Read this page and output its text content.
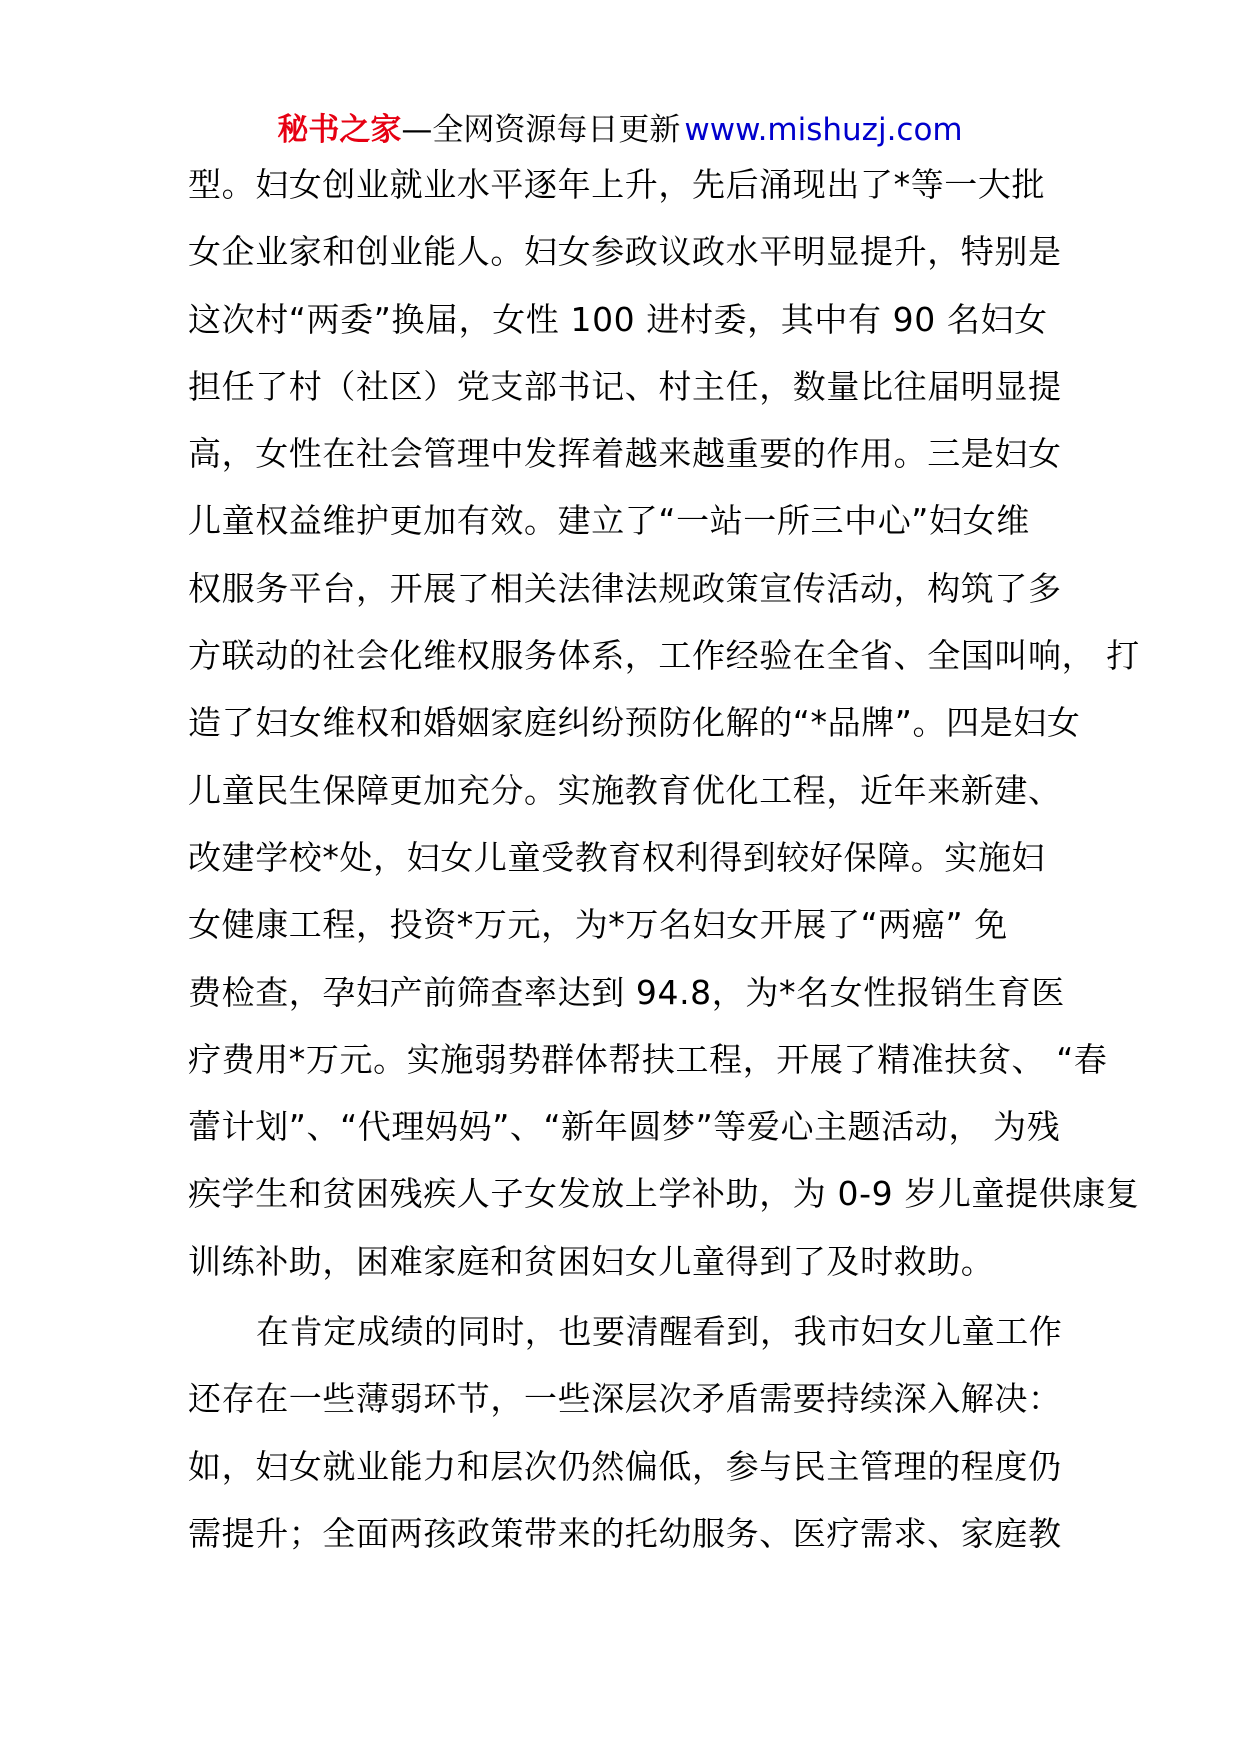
秘书之家—全网资源每日更新 www.mishuzj.com
型。妇女创业就业水平逐年上升，先后涌现出了*等一大批
女企业家和创业能人。妇女参政议政水平明显提升，特别是
这次村“两委”换届，女性 100 进村委，其中有 90 名妇女
担任了村（社区）党支部书记、村主任，数量比往届明显提
高，女性在社会管理中发挥着越来越重要的作用。三是妇女
儿童权益维护更加有效。建立了“一站一所三中心”妇女维
权服务平台，开展了相关法律法规政策宣传活动，构筑了多
方联动的社会化维权服务体系，工作经验在全省、全国叫响， 打
造了妇女维权和婚姻家庭纠纷预防化解的“*品牌”。四是妇女
儿童民生保障更加充分。实施教育优化工程，近年来新建、
改建学校*处，妇女儿童受教育权利得到较好保障。实施妇
女健康工程，投资*万元，为*万名妇女开展了“两癌” 免
费检查，孕妇产前筛查率达到 94.8，为*名女性报销生育医
疗费用*万元。实施弱势群体帮扶工程，开展了精准扶贫、 “春
蕾计划”、“代理妈妈”、“新年圆梦”等爱心主题活动， 为残
疾学生和贫困残疾人子女发放上学补助，为 0-9 岁儿童提供康复
训练补助，困难家庭和贫困妇女儿童得到了及时救助。
在肯定成绩的同时，也要清醒看到，我市妇女儿童工作
还存在一些薄弱环节，一些深层次矛盾需要持续深入解决：
如，妇女就业能力和层次仍然偏低，参与民主管理的程度仍
需提升；全面两孩政策带来的托幼服务、医疗需求、家庭教
